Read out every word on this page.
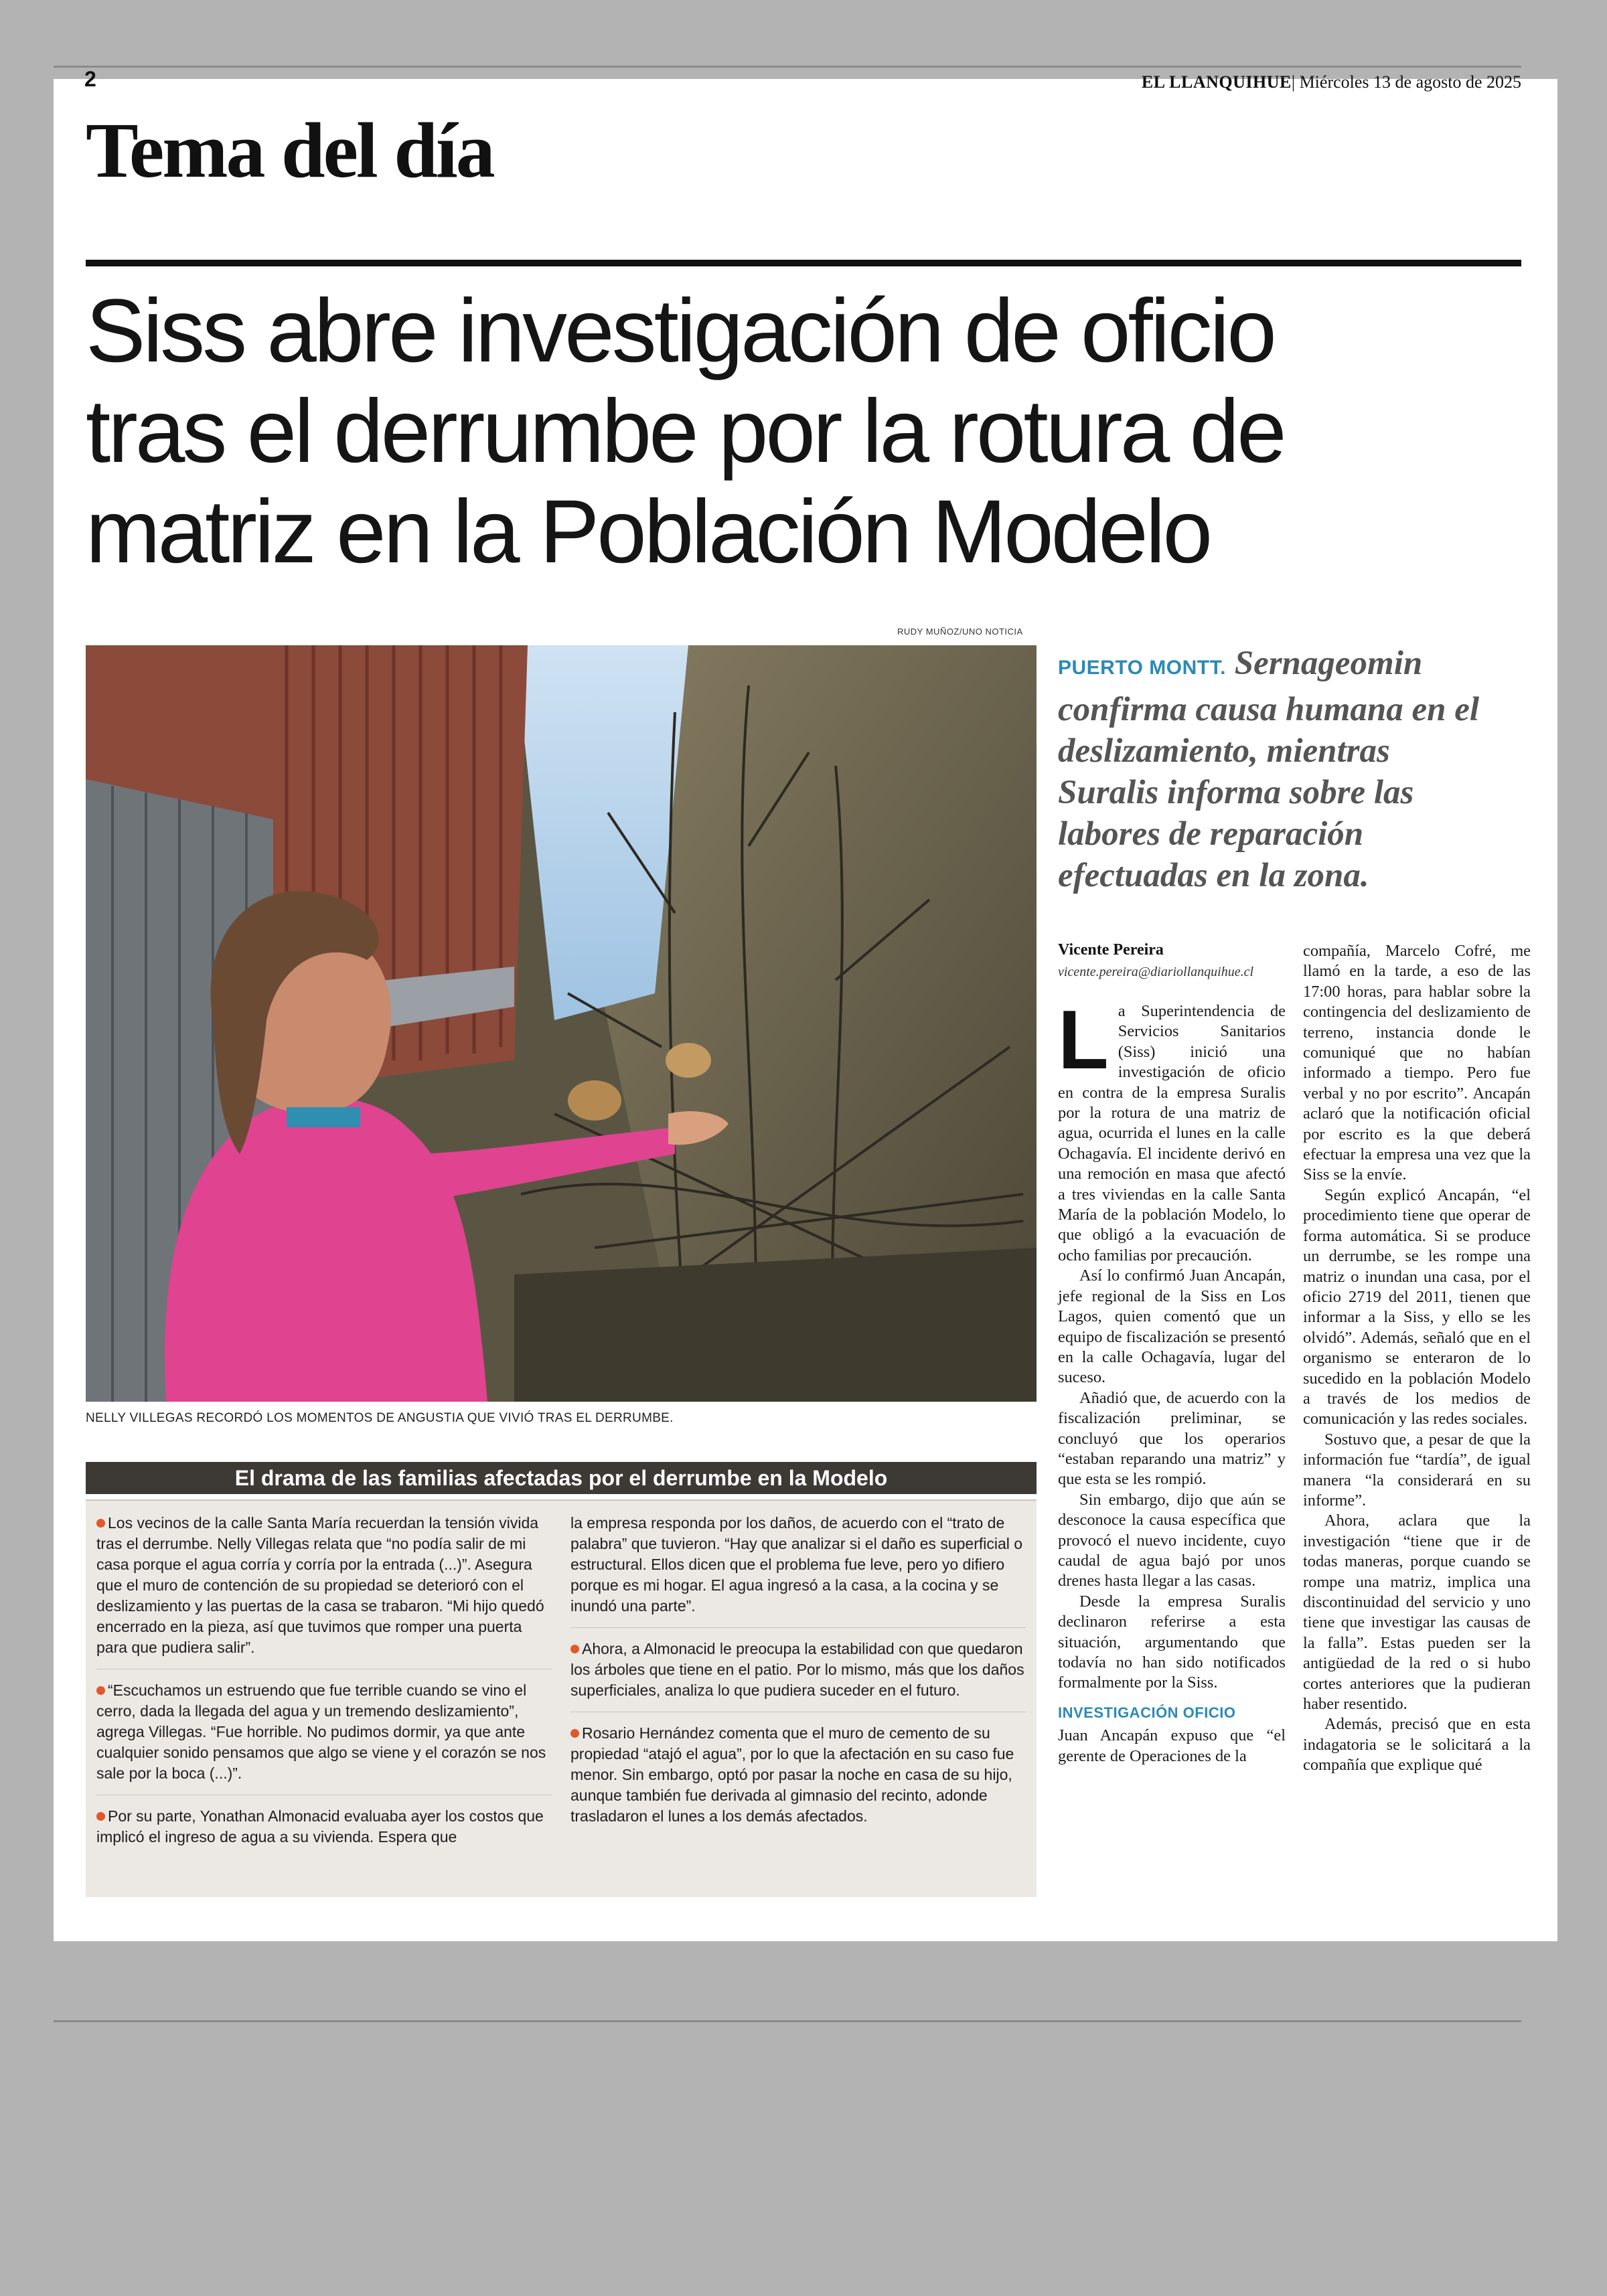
2	EL LLANQUIHUE| Miércoles 13 de agosto de 2025
Tema del día
Siss abre investigación de oficio
tras el derrumbe por la rotura de
matriz en la Población Modelo
RUDY MUÑOZ/UNO NOTICIA
NELLY VILLEGAS RECORDÓ LOS MOMENTOS DE ANGUSTIA QUE VIVIÓ TRAS EL DERRUMBE.
El drama de las familias afectadas por el derrumbe en la Modelo

Los vecinos de la calle Santa María recuerdan la tensión vivida tras el derrumbe. Nelly Villegas relata que “no podía salir de mi casa porque el agua corría y corría por la entrada (...)”. Asegura que el muro de contención de su propiedad se deterioró con el deslizamiento y las puertas de la casa se trabaron. “Mi hijo quedó encerrado en la pieza, así que tuvimos que romper una puerta para que pudiera salir”.

“Escuchamos un estruendo que fue terrible cuando se vino el cerro, dada la llegada del agua y un tremendo deslizamiento”, agrega Villegas. “Fue horrible. No pudimos dormir, ya que ante cualquier sonido pensamos que algo se viene y el corazón se nos sale por la boca (...)”.

Por su parte, Yonathan Almonacid evaluaba ayer los costos que implicó el ingreso de agua a su vivienda. Espera que

la empresa responda por los daños, de acuerdo con el “trato de palabra” que tuvieron. “Hay que analizar si el daño es superficial o estructural. Ellos dicen que el problema fue leve, pero yo difiero porque es mi hogar. El agua ingresó a la casa, a la cocina y se inundó una parte”.

Ahora, a Almonacid le preocupa la estabilidad con que quedaron los árboles que tiene en el patio. Por lo mismo, más que los daños superficiales, analiza lo que pudiera suceder en el futuro.

Rosario Hernández comenta que el muro de cemento de su propiedad “atajó el agua”, por lo que la afectación en su caso fue menor. Sin embargo, optó por pasar la noche en casa de su hijo, aunque también fue derivada al gimnasio del recinto, adonde trasladaron el lunes a los demás afectados.

PUERTO MONTT. Sernageomin confirma causa humana en el deslizamiento, mientras Suralis informa sobre las labores de reparación efectuadas en la zona.
Vicente Pereira
vicente.pereira@diariollanquihue.cl

La Superintendencia de Servicios Sanitarios (Siss) inició una investigación de oficio en contra de la empresa Suralis por la rotura de una matriz de agua, ocurrida el lunes en la calle Ochagavía. El incidente derivó en una remoción en masa que afectó a tres viviendas en la calle Santa María de la población Modelo, lo que obligó a la evacuación de ocho familias por precaución.

Así lo confirmó Juan Ancapán, jefe regional de la Siss en Los Lagos, quien comentó que un equipo de fiscalización se presentó en la calle Ochagavía, lugar del suceso.

Añadió que, de acuerdo con la fiscalización preliminar, se concluyó que los operarios “estaban reparando una matriz” y que esta se les rompió.

Sin embargo, dijo que aún se desconoce la causa específica que provocó el nuevo incidente, cuyo caudal de agua bajó por unos drenes hasta llegar a las casas.

Desde la empresa Suralis declinaron referirse a esta situación, argumentando que todavía no han sido notificados formalmente por la Siss.

INVESTIGACIÓN OFICIO

Juan Ancapán expuso que “el gerente de Operaciones de la

compañía, Marcelo Cofré, me llamó en la tarde, a eso de las 17:00 horas, para hablar sobre la contingencia del deslizamiento de terreno, instancia donde le comuniqué que no habían informado a tiempo. Pero fue verbal y no por escrito”. Ancapán aclaró que la notificación oficial por escrito es la que deberá efectuar la empresa una vez que la Siss se la envíe.

Según explicó Ancapán, “el procedimiento tiene que operar de forma automática. Si se produce un derrumbe, se les rompe una matriz o inundan una casa, por el oficio 2719 del 2011, tienen que informar a la Siss, y ello se les olvidó”. Además, señaló que en el organismo se enteraron de lo sucedido en la población Modelo a través de los medios de comunicación y las redes sociales.

Sostuvo que, a pesar de que la información fue “tardía”, de igual manera “la considerará en su informe”.

Ahora, aclara que la investigación “tiene que ir de todas maneras, porque cuando se rompe una matriz, implica una discontinuidad del servicio y uno tiene que investigar las causas de la falla”. Estas pueden ser la antigüedad de la red o si hubo cortes anteriores que la pudieran haber resentido.

Además, precisó que en esta indagatoria se le solicitará a la compañía que explique qué
